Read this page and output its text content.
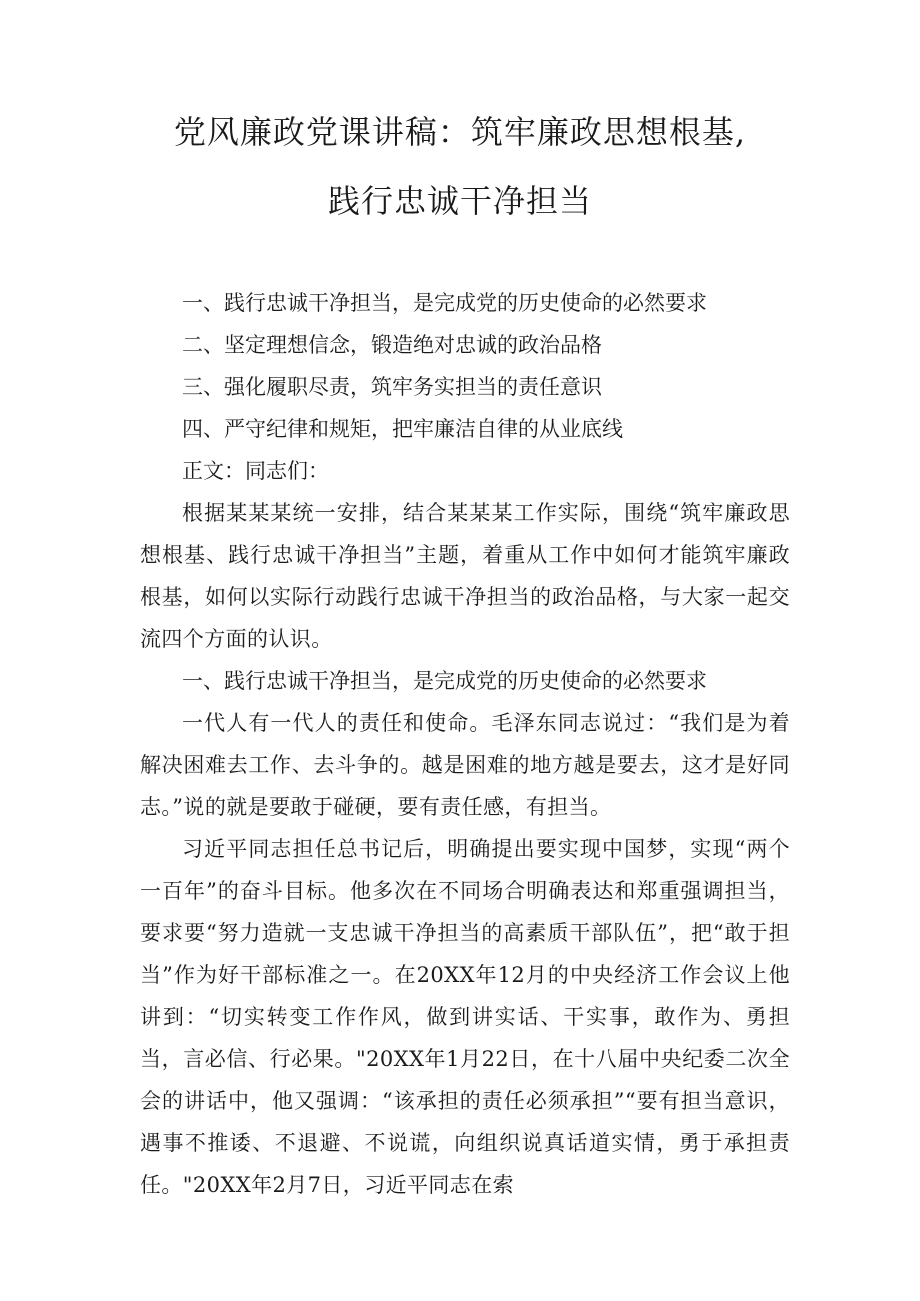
党风廉政党课讲稿：筑牢廉政思想根基,
践行忠诚干净担当
一、践行忠诚干净担当，是完成党的历史使命的必然要求
二、坚定理想信念，锻造绝对忠诚的政治品格
三、强化履职尽责，筑牢务实担当的责任意识
四、严守纪律和规矩，把牢廉洁自律的从业底线
正文：同志们：

根据某某某统一安排，结合某某某工作实际，围绕“筑牢廉政思想根基、践行忠诚干净担当”主题，着重从工作中如何才能筑牢廉政根基，如何以实际行动践行忠诚干净担当的政治品格，与大家一起交流四个方面的认识。

一、践行忠诚干净担当，是完成党的历史使命的必然要求

一代人有一代人的责任和使命。毛泽东同志说过：“我们是为着解决困难去工作、去斗争的。越是困难的地方越是要去，这才是好同志。”说的就是要敢于碰硬，要有责任感，有担当。

习近平同志担任总书记后，明确提出要实现中国梦，实现“两个一百年”的奋斗目标。他多次在不同场合明确表达和郑重强调担当，要求要“努力造就一支忠诚干净担当的高素质干部队伍”，把“敢于担当”作为好干部标准之一。在20XX年12月的中央经济工作会议上他讲到：“切实转变工作作风，做到讲实话、干实事，敢作为、勇担当，言必信、行必果。"20XX年1月22日，在十八届中央纪委二次全会的讲话中，他又强调：“该承担的责任必须承担”“要有担当意识，遇事不推诿、不退避、不说谎，向组织说真话道实情，勇于承担责任。"20XX年2月7日，习近平同志在索
